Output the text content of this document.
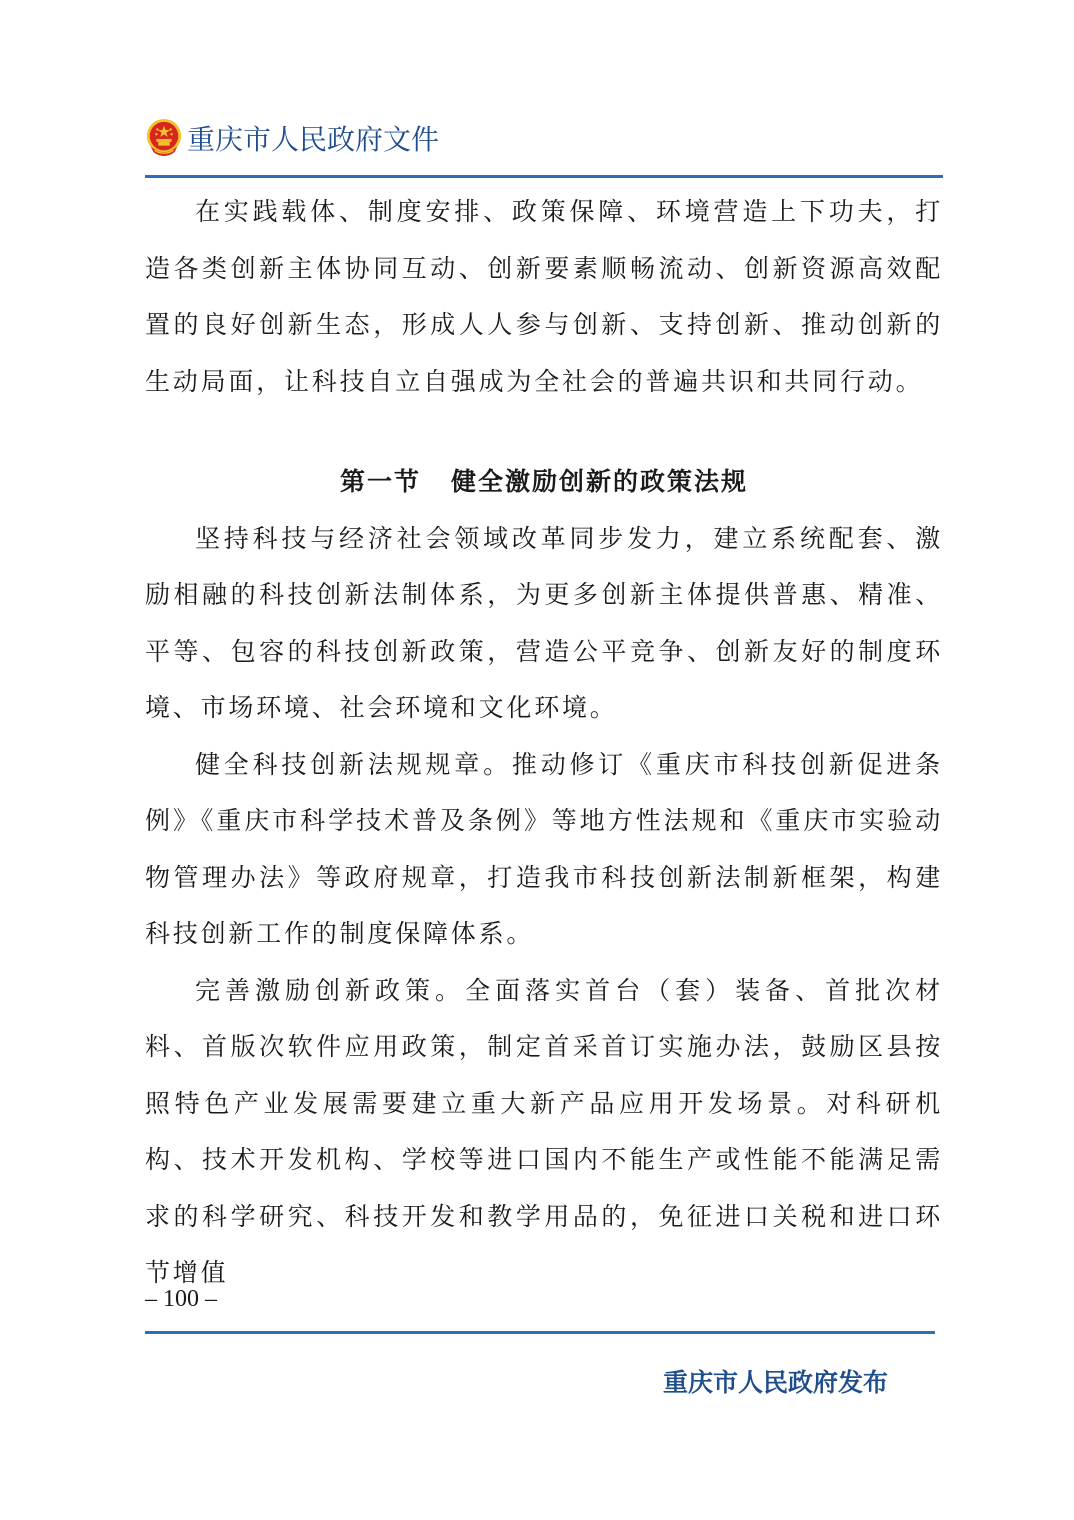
重庆市人民政府文件

在实践载体、制度安排、政策保障、环境营造上下功夫，打造各类创新主体协同互动、创新要素顺畅流动、创新资源高效配置的良好创新生态，形成人人参与创新、支持创新、推动创新的生动局面，让科技自立自强成为全社会的普遍共识和共同行动。

第一节 健全激励创新的政策法规

坚持科技与经济社会领域改革同步发力，建立系统配套、激励相融的科技创新法制体系，为更多创新主体提供普惠、精准、平等、包容的科技创新政策，营造公平竞争、创新友好的制度环境、市场环境、社会环境和文化环境。

健全科技创新法规规章。推动修订《重庆市科技创新促进条例》《重庆市科学技术普及条例》等地方性法规和《重庆市实验动物管理办法》等政府规章，打造我市科技创新法制新框架，构建科技创新工作的制度保障体系。

完善激励创新政策。全面落实首台（套）装备、首批次材料、首版次软件应用政策，制定首采首订实施办法，鼓励区县按照特色产业发展需要建立重大新产品应用开发场景。对科研机构、技术开发机构、学校等进口国内不能生产或性能不能满足需求的科学研究、科技开发和教学用品的，免征进口关税和进口环节增值

– 100 –
重庆市人民政府发布
